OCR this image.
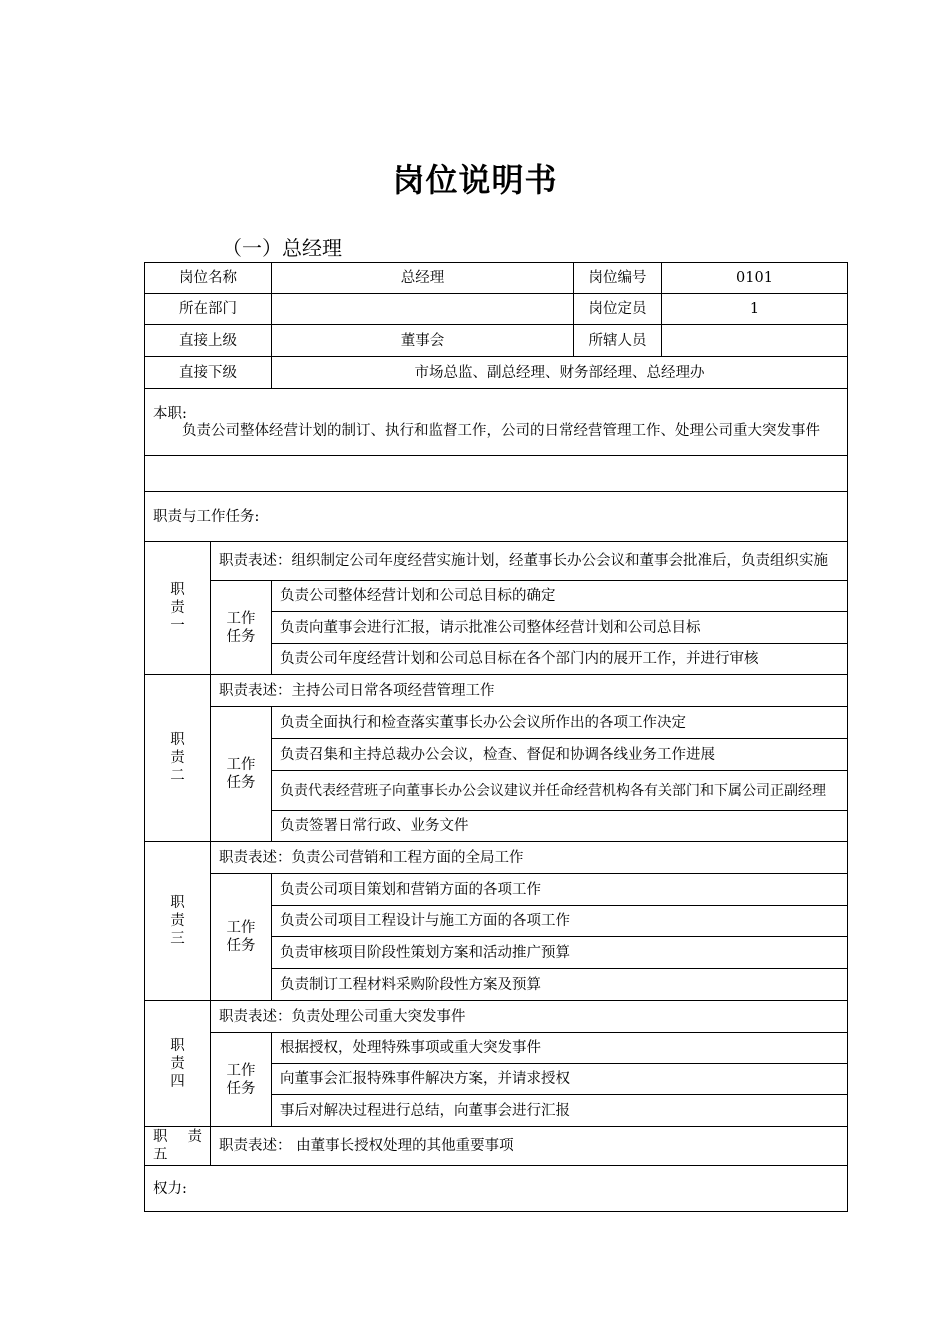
岗位说明书
（一）总经理
岗位名称		总经理	岗位编号	0101
所在部门			岗位定员	1
直接上级		董事会	所辖人员	
直接下级		市场总监、副总经理、财务部经理、总经理办		

本职:
负责公司整体经营计划的制订、执行和监督工作，公司的日常经营管理工作、处理公司重大突发事件				

职责与工作任务:				

职
责
一	职责表述：组织制定公司年度经营实施计划，经董事长办公会议和董事会批准后，负责组织实施			

	工作
任务	负责公司整体经营计划和公司总目标的确定		
		负责向董事会进行汇报，请示批准公司整体经营计划和公司总目标		
		负责公司年度经营计划和公司总目标在各个部门内的展开工作，并进行审核		

职
责
二	职责表述：主持公司日常各项经营管理工作			

	工作
任务	负责全面执行和检查落实董事长办公会议所作出的各项工作决定		
		负责召集和主持总裁办公会议，检查、督促和协调各线业务工作进展		
		负责代表经营班子向董事长办公会议建议并任命经营机构各有关部门和下属公司正副经理		
		负责签署日常行政、业务文件		

职
责
三	职责表述：负责公司营销和工程方面的全局工作			

	工作
任务	负责公司项目策划和营销方面的各项工作		
		负责公司项目工程设计与施工方面的各项工作		
		负责审核项目阶段性策划方案和活动推广预算		
		负责制订工程材料采购阶段性方案及预算		

职
责
四	职责表述：负责处理公司重大突发事件			

	工作
任务	根据授权，处理特殊事项或重大突发事件		
		向董事会汇报特殊事件解决方案，并请求授权		
		事后对解决过程进行总结，向董事会进行汇报		

职 责
五	职责表述： 由董事长授权处理的其他重要事项			
权力:				
